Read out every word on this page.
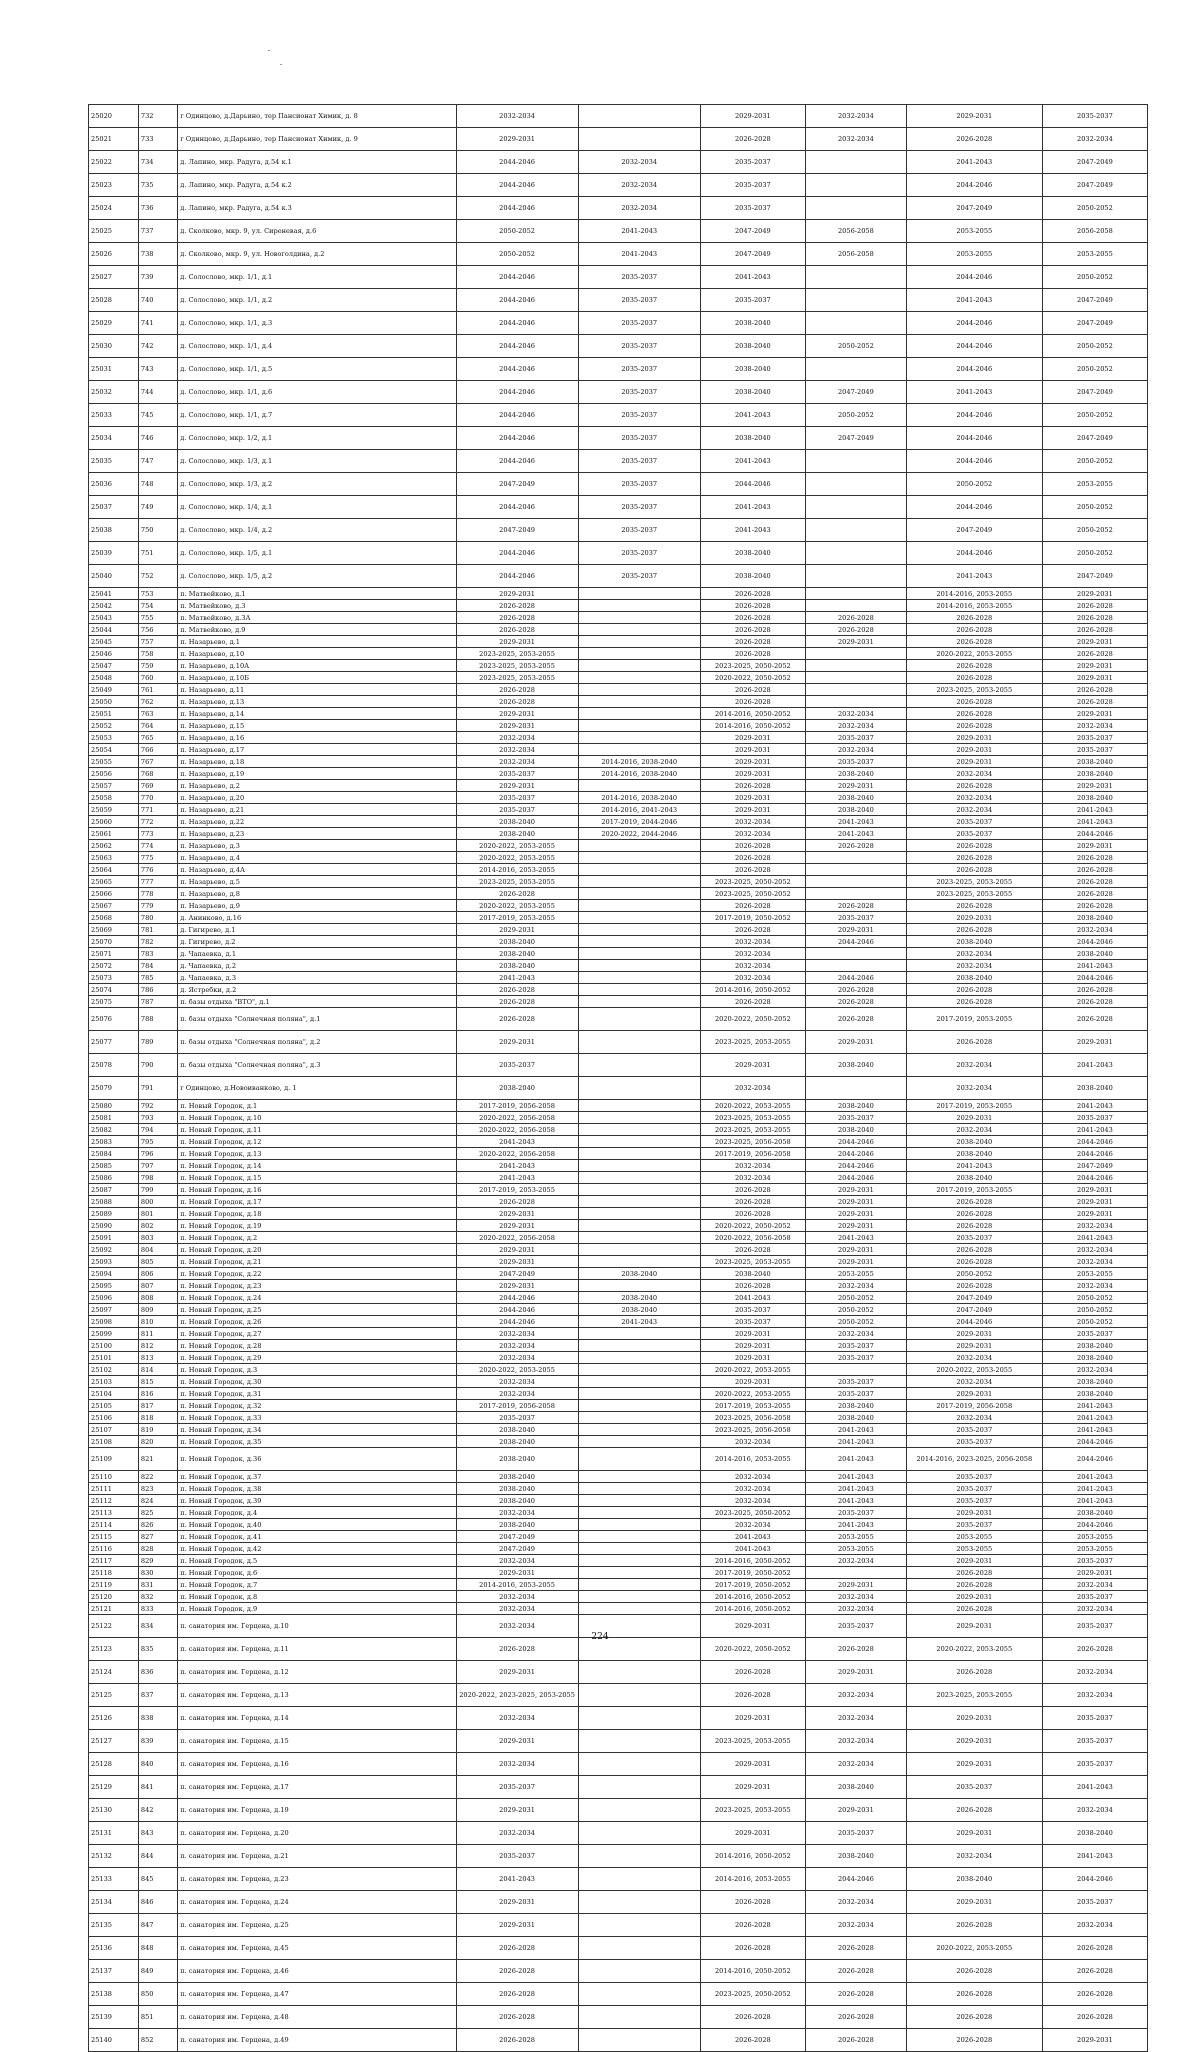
25020	732	г Одинцово, д.Дарьино, тер Пансионат Химик, д. 8	2032-2034		2029-2031	2032-2034	2029-2031	2035-2037
25021	733	г Одинцово, д.Дарьино, тер Пансионат Химик, д. 9	2029-2031		2026-2028	2032-2034	2026-2028	2032-2034
25022	734	д. Лапино, мкр. Радуга, д.54 к.1	2044-2046	2032-2034	2035-2037		2041-2043	2047-2049
25023	735	д. Лапино, мкр. Радуга, д.54 к.2	2044-2046	2032-2034	2035-2037		2044-2046	2047-2049
25024	736	д. Лапино, мкр. Радуга, д.54 к.3	2044-2046	2032-2034	2035-2037		2047-2049	2050-2052
25025	737	д. Сколково, мкр. 9, ул. Сиреневая, д.6	2050-2052	2041-2043	2047-2049	2056-2058	2053-2055	2056-2058
25026	738	д. Сколково, мкр. 9, ул. Новоголдина, д.2	2050-2052	2041-2043	2047-2049	2056-2058	2053-2055	2053-2055
25027	739	д. Солослово, мкр. 1/1, д.1	2044-2046	2035-2037	2041-2043		2044-2046	2050-2052
25028	740	д. Солослово, мкр. 1/1, д.2	2044-2046	2035-2037	2035-2037		2041-2043	2047-2049
25029	741	д. Солослово, мкр. 1/1, д.3	2044-2046	2035-2037	2038-2040		2044-2046	2047-2049
25030	742	д. Солослово, мкр. 1/1, д.4	2044-2046	2035-2037	2038-2040	2050-2052	2044-2046	2050-2052
25031	743	д. Солослово, мкр. 1/1, д.5	2044-2046	2035-2037	2038-2040		2044-2046	2050-2052
25032	744	д. Солослово, мкр. 1/1, д.6	2044-2046	2035-2037	2038-2040	2047-2049	2041-2043	2047-2049
25033	745	д. Солослово, мкр. 1/1, д.7	2044-2046	2035-2037	2041-2043	2050-2052	2044-2046	2050-2052
25034	746	д. Солослово, мкр. 1/2, д.1	2044-2046	2035-2037	2038-2040	2047-2049	2044-2046	2047-2049
25035	747	д. Солослово, мкр. 1/3, д.1	2044-2046	2035-2037	2041-2043		2044-2046	2050-2052
25036	748	д. Солослово, мкр. 1/3, д.2	2047-2049	2035-2037	2044-2046		2050-2052	2053-2055
25037	749	д. Солослово, мкр. 1/4, д.1	2044-2046	2035-2037	2041-2043		2044-2046	2050-2052
25038	750	д. Солослово, мкр. 1/4, д.2	2047-2049	2035-2037	2041-2043		2047-2049	2050-2052
25039	751	д. Солослово, мкр. 1/5, д.1	2044-2046	2035-2037	2038-2040		2044-2046	2050-2052
25040	752	д. Солослово, мкр. 1/5, д.2	2044-2046	2035-2037	2038-2040		2041-2043	2047-2049
25041	753	п. Матвейково, д.1	2029-2031		2026-2028		2014-2016, 2053-2055	2029-2031
25042	754	п. Матвейково, д.3	2026-2028		2026-2028		2014-2016, 2053-2055	2026-2028
25043	755	п. Матвейково, д.3А	2026-2028		2026-2028	2026-2028	2026-2028	2026-2028
25044	756	п. Матвейково, д.9	2026-2028		2026-2028	2026-2028	2026-2028	2026-2028
25045	757	п. Назарьево, д.1	2029-2031		2026-2028	2029-2031	2026-2028	2029-2031
25046	758	п. Назарьево, д.10	2023-2025, 2053-2055		2026-2028		2020-2022, 2053-2055	2026-2028
25047	759	п. Назарьево, д.10А	2023-2025, 2053-2055		2023-2025, 2050-2052		2026-2028	2029-2031
25048	760	п. Назарьево, д.10Б	2023-2025, 2053-2055		2020-2022, 2050-2052		2026-2028	2029-2031
25049	761	п. Назарьево, д.11	2026-2028		2026-2028		2023-2025, 2053-2055	2026-2028
25050	762	п. Назарьево, д.13	2026-2028		2026-2028		2026-2028	2026-2028
25051	763	п. Назарьево, д.14	2029-2031		2014-2016, 2050-2052	2032-2034	2026-2028	2029-2031
25052	764	п. Назарьево, д.15	2029-2031		2014-2016, 2050-2052	2032-2034	2026-2028	2032-2034
25053	765	п. Назарьево, д.16	2032-2034		2029-2031	2035-2037	2029-2031	2035-2037
25054	766	п. Назарьево, д.17	2032-2034		2029-2031	2032-2034	2029-2031	2035-2037
25055	767	п. Назарьево, д.18	2032-2034	2014-2016, 2038-2040	2029-2031	2035-2037	2029-2031	2038-2040
25056	768	п. Назарьево, д.19	2035-2037	2014-2016, 2038-2040	2029-2031	2038-2040	2032-2034	2038-2040
25057	769	п. Назарьево, д.2	2029-2031		2026-2028	2029-2031	2026-2028	2029-2031
25058	770	п. Назарьево, д.20	2035-2037	2014-2016, 2038-2040	2029-2031	2038-2040	2032-2034	2038-2040
25059	771	п. Назарьево, д.21	2035-2037	2014-2016, 2041-2043	2029-2031	2038-2040	2032-2034	2041-2043
25060	772	п. Назарьево, д.22	2038-2040	2017-2019, 2044-2046	2032-2034	2041-2043	2035-2037	2041-2043
25061	773	п. Назарьево, д.23	2038-2040	2020-2022, 2044-2046	2032-2034	2041-2043	2035-2037	2044-2046
25062	774	п. Назарьево, д.3	2020-2022, 2053-2055		2026-2028	2026-2028	2026-2028	2029-2031
25063	775	п. Назарьево, д.4	2020-2022, 2053-2055		2026-2028		2026-2028	2026-2028
25064	776	п. Назарьево, д.4А	2014-2016, 2053-2055		2026-2028		2026-2028	2026-2028
25065	777	п. Назарьево, д.5	2023-2025, 2053-2055		2023-2025, 2050-2052		2023-2025, 2053-2055	2026-2028
25066	778	п. Назарьево, д.8	2026-2028		2023-2025, 2050-2052		2023-2025, 2053-2055	2026-2028
25067	779	п. Назарьево, д.9	2020-2022, 2053-2055		2026-2028	2026-2028	2026-2028	2026-2028
25068	780	д. Анинково, д.16	2017-2019, 2053-2055		2017-2019, 2050-2052	2035-2037	2029-2031	2038-2040
25069	781	д. Гигирево, д.1	2029-2031		2026-2028	2029-2031	2026-2028	2032-2034
25070	782	д. Гигирево, д.2	2038-2040		2032-2034	2044-2046	2038-2040	2044-2046
25071	783	д. Чапаевка, д.1	2038-2040		2032-2034		2032-2034	2038-2040
25072	784	д. Чапаевка, д.2	2038-2040		2032-2034		2032-2034	2041-2043
25073	785	д. Чапаевка, д.3	2041-2043		2032-2034	2044-2046	2038-2040	2044-2046
25074	786	д. Ястребки, д.2	2026-2028		2014-2016, 2050-2052	2026-2028	2026-2028	2026-2028
25075	787	п. базы отдыха "ВТО", д.1	2026-2028		2026-2028	2026-2028	2026-2028	2026-2028
25076	788	п. базы отдыха "Солнечная поляна", д.1	2026-2028		2020-2022, 2050-2052	2026-2028	2017-2019, 2053-2055	2026-2028
25077	789	п. базы отдыха "Солнечная поляна", д.2	2029-2031		2023-2025, 2053-2055	2029-2031	2026-2028	2029-2031
25078	790	п. базы отдыха "Солнечная поляна", д.3	2035-2037		2029-2031	2038-2040	2032-2034	2041-2043
25079	791	г Одинцово, д.Новоиванково, д. 1	2038-2040		2032-2034		2032-2034	2038-2040
25080	792	п. Новый Городок, д.1	2017-2019, 2056-2058		2020-2022, 2053-2055	2038-2040	2017-2019, 2053-2055	2041-2043
25081	793	п. Новый Городок, д.10	2020-2022, 2056-2058		2023-2025, 2053-2055	2035-2037	2029-2031	2035-2037
25082	794	п. Новый Городок, д.11	2020-2022, 2056-2058		2023-2025, 2053-2055	2038-2040	2032-2034	2041-2043
25083	795	п. Новый Городок, д.12	2041-2043		2023-2025, 2056-2058	2044-2046	2038-2040	2044-2046
25084	796	п. Новый Городок, д.13	2020-2022, 2056-2058		2017-2019, 2056-2058	2044-2046	2038-2040	2044-2046
25085	797	п. Новый Городок, д.14	2041-2043		2032-2034	2044-2046	2041-2043	2047-2049
25086	798	п. Новый Городок, д.15	2041-2043		2032-2034	2044-2046	2038-2040	2044-2046
25087	799	п. Новый Городок, д.16	2017-2019, 2053-2055		2026-2028	2029-2031	2017-2019, 2053-2055	2029-2031
25088	800	п. Новый Городок, д.17	2026-2028		2026-2028	2029-2031	2026-2028	2029-2031
25089	801	п. Новый Городок, д.18	2029-2031		2026-2028	2029-2031	2026-2028	2029-2031
25090	802	п. Новый Городок, д.19	2029-2031		2020-2022, 2050-2052	2029-2031	2026-2028	2032-2034
25091	803	п. Новый Городок, д.2	2020-2022, 2056-2058		2020-2022, 2056-2058	2041-2043	2035-2037	2041-2043
25092	804	п. Новый Городок, д.20	2029-2031		2026-2028	2029-2031	2026-2028	2032-2034
25093	805	п. Новый Городок, д.21	2029-2031		2023-2025, 2053-2055	2029-2031	2026-2028	2032-2034
25094	806	п. Новый Городок, д.22	2047-2049	2038-2040	2038-2040	2053-2055	2050-2052	2053-2055
25095	807	п. Новый Городок, д.23	2029-2031		2026-2028	2032-2034	2026-2028	2032-2034
25096	808	п. Новый Городок, д.24	2044-2046	2038-2040	2041-2043	2050-2052	2047-2049	2050-2052
25097	809	п. Новый Городок, д.25	2044-2046	2038-2040	2035-2037	2050-2052	2047-2049	2050-2052
25098	810	п. Новый Городок, д.26	2044-2046	2041-2043	2035-2037	2050-2052	2044-2046	2050-2052
25099	811	п. Новый Городок, д.27	2032-2034		2029-2031	2032-2034	2029-2031	2035-2037
25100	812	п. Новый Городок, д.28	2032-2034		2029-2031	2035-2037	2029-2031	2038-2040
25101	813	п. Новый Городок, д.29	2032-2034		2029-2031	2035-2037	2032-2034	2038-2040
25102	814	п. Новый Городок, д.3	2020-2022, 2053-2055		2020-2022, 2053-2055		2020-2022, 2053-2055	2032-2034
25103	815	п. Новый Городок, д.30	2032-2034		2029-2031	2035-2037	2032-2034	2038-2040
25104	816	п. Новый Городок, д.31	2032-2034		2020-2022, 2053-2055	2035-2037	2029-2031	2038-2040
25105	817	п. Новый Городок, д.32	2017-2019, 2056-2058		2017-2019, 2053-2055	2038-2040	2017-2019, 2056-2058	2041-2043
25106	818	п. Новый Городок, д.33	2035-2037		2023-2025, 2056-2058	2038-2040	2032-2034	2041-2043
25107	819	п. Новый Городок, д.34	2038-2040		2023-2025, 2056-2058	2041-2043	2035-2037	2041-2043
25108	820	п. Новый Городок, д.35	2038-2040		2032-2034	2041-2043	2035-2037	2044-2046
25109	821	п. Новый Городок, д.36	2038-2040		2014-2016, 2053-2055	2041-2043	2014-2016, 2023-2025, 2056-2058	2044-2046
25110	822	п. Новый Городок, д.37	2038-2040		2032-2034	2041-2043	2035-2037	2041-2043
25111	823	п. Новый Городок, д.38	2038-2040		2032-2034	2041-2043	2035-2037	2041-2043
25112	824	п. Новый Городок, д.39	2038-2040		2032-2034	2041-2043	2035-2037	2041-2043
25113	825	п. Новый Городок, д.4	2032-2034		2023-2025, 2050-2052	2035-2037	2029-2031	2038-2040
25114	826	п. Новый Городок, д.40	2038-2040		2032-2034	2041-2043	2035-2037	2044-2046
25115	827	п. Новый Городок, д.41	2047-2049		2041-2043	2053-2055	2053-2055	2053-2055
25116	828	п. Новый Городок, д.42	2047-2049		2041-2043	2053-2055	2053-2055	2053-2055
25117	829	п. Новый Городок, д.5	2032-2034		2014-2016, 2050-2052	2032-2034	2029-2031	2035-2037
25118	830	п. Новый Городок, д.6	2029-2031		2017-2019, 2050-2052		2026-2028	2029-2031
25119	831	п. Новый Городок, д.7	2014-2016, 2053-2055		2017-2019, 2050-2052	2029-2031	2026-2028	2032-2034
25120	832	п. Новый Городок, д.8	2032-2034		2014-2016, 2050-2052	2032-2034	2029-2031	2035-2037
25121	833	п. Новый Городок, д.9	2032-2034		2014-2016, 2050-2052	2032-2034	2026-2028	2032-2034
25122	834	п. санатория им. Герцена, д.10	2032-2034		2029-2031	2035-2037	2029-2031	2035-2037
25123	835	п. санатория им. Герцена, д.11	2026-2028		2020-2022, 2050-2052	2026-2028	2020-2022, 2053-2055	2026-2028
25124	836	п. санатория им. Герцена, д.12	2029-2031		2026-2028	2029-2031	2026-2028	2032-2034
25125	837	п. санатория им. Герцена, д.13	2020-2022, 2023-2025, 2053-2055		2026-2028	2032-2034	2023-2025, 2053-2055	2032-2034
25126	838	п. санатория им. Герцена, д.14	2032-2034		2029-2031	2032-2034	2029-2031	2035-2037
25127	839	п. санатория им. Герцена, д.15	2029-2031		2023-2025, 2053-2055	2032-2034	2029-2031	2035-2037
25128	840	п. санатория им. Герцена, д.16	2032-2034		2029-2031	2032-2034	2029-2031	2035-2037
25129	841	п. санатория им. Герцена, д.17	2035-2037		2029-2031	2038-2040	2035-2037	2041-2043
25130	842	п. санатория им. Герцена, д.19	2029-2031		2023-2025, 2053-2055	2029-2031	2026-2028	2032-2034
25131	843	п. санатория им. Герцена, д.20	2032-2034		2029-2031	2035-2037	2029-2031	2038-2040
25132	844	п. санатория им. Герцена, д.21	2035-2037		2014-2016, 2050-2052	2038-2040	2032-2034	2041-2043
25133	845	п. санатория им. Герцена, д.23	2041-2043		2014-2016, 2053-2055	2044-2046	2038-2040	2044-2046
25134	846	п. санатория им. Герцена, д.24	2029-2031		2026-2028	2032-2034	2029-2031	2035-2037
25135	847	п. санатория им. Герцена, д.25	2029-2031		2026-2028	2032-2034	2026-2028	2032-2034
25136	848	п. санатория им. Герцена, д.45	2026-2028		2026-2028	2026-2028	2020-2022, 2053-2055	2026-2028
25137	849	п. санатория им. Герцена, д.46	2026-2028		2014-2016, 2050-2052	2026-2028	2026-2028	2026-2028
25138	850	п. санатория им. Герцена, д.47	2026-2028		2023-2025, 2050-2052	2026-2028	2026-2028	2026-2028
25139	851	п. санатория им. Герцена, д.48	2026-2028		2026-2028	2026-2028	2026-2028	2026-2028
25140	852	п. санатория им. Герцена, д.49	2026-2028		2026-2028	2026-2028	2026-2028	2029-2031
224
